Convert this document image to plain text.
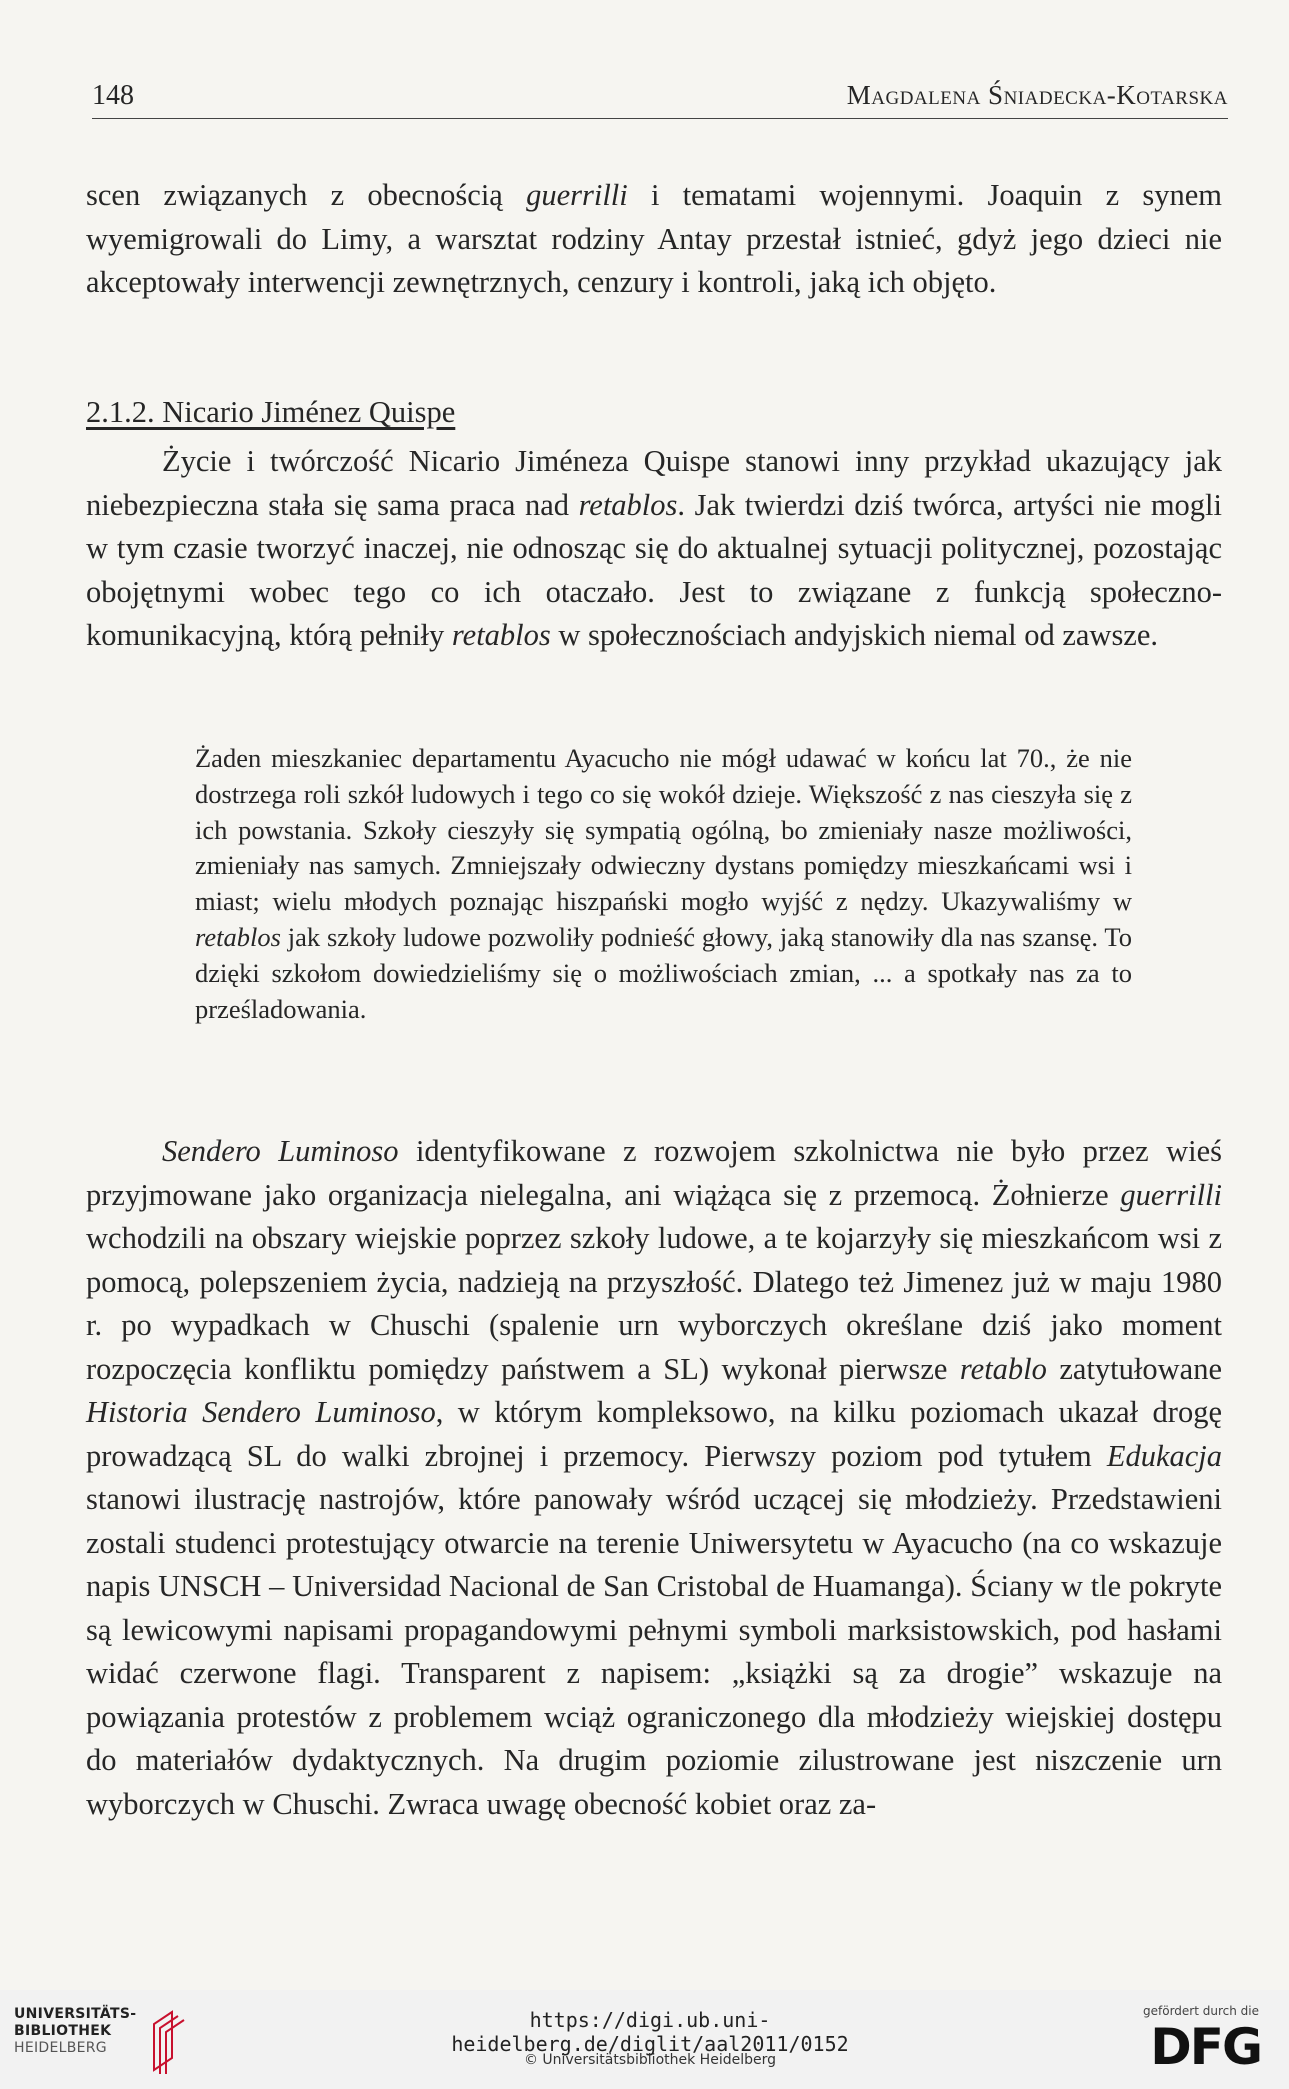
148	Magdalena Śniadecka-Kotarska

scen związanych z obecnością guerrilli i tematami wojennymi. Joaquin z synem wyemigrowali do Limy, a warsztat rodziny Antay przestał istnieć, gdyż jego dzieci nie akceptowały interwencji zewnętrznych, cenzury i kontroli, jaką ich objęto.

2.1.2. Nicario Jiménez Quispe

Życie i twórczość Nicario Jiméneza Quispe stanowi inny przykład ukazujący jak niebezpieczna stała się sama praca nad retablos. Jak twierdzi dziś twórca, artyści nie mogli w tym czasie tworzyć inaczej, nie odnosząc się do aktualnej sytuacji politycznej, pozostając obojętnymi wobec tego co ich otaczało. Jest to związane z funkcją społeczno-komunikacyjną, którą pełniły retablos w społecznościach andyjskich niemal od zawsze.

Żaden mieszkaniec departamentu Ayacucho nie mógł udawać w końcu lat 70., że nie dostrzega roli szkół ludowych i tego co się wokół dzieje. Większość z nas cieszyła się z ich powstania. Szkoły cieszyły się sympatią ogólną, bo zmieniały nasze możliwości, zmieniały nas samych. Zmniejszały odwieczny dystans pomiędzy mieszkańcami wsi i miast; wielu młodych poznając hiszpański mogło wyjść z nędzy. Ukazywaliśmy w retablos jak szkoły ludowe pozwoliły podnieść głowy, jaką stanowiły dla nas szansę. To dzięki szkołom dowiedzieliśmy się o możliwościach zmian, ... a spotkały nas za to prześladowania.

Sendero Luminoso identyfikowane z rozwojem szkolnictwa nie było przez wieś przyjmowane jako organizacja nielegalna, ani wiążąca się z przemocą. Żołnierze guerrilli wchodzili na obszary wiejskie poprzez szkoły ludowe, a te kojarzyły się mieszkańcom wsi z pomocą, polepszeniem życia, nadzieją na przyszłość. Dlatego też Jimenez już w maju 1980 r. po wypadkach w Chuschi (spalenie urn wyborczych określane dziś jako moment rozpoczęcia konfliktu pomiędzy państwem a SL) wykonał pierwsze retablo zatytułowane Historia Sendero Luminoso, w którym kompleksowo, na kilku poziomach ukazał drogę prowadzącą SL do walki zbrojnej i przemocy. Pierwszy poziom pod tytułem Edukacja stanowi ilustrację nastrojów, które panowały wśród uczącej się młodzieży. Przedstawieni zostali studenci protestujący otwarcie na terenie Uniwersytetu w Ayacucho (na co wskazuje napis UNSCH – Universidad Nacional de San Cristobal de Huamanga). Ściany w tle pokryte są lewicowymi napisami propagandowymi pełnymi symboli marksistowskich, pod hasłami widać czerwone flagi. Transparent z napisem: „książki są za drogie” wskazuje na powiązania protestów z problemem wciąż ograniczonego dla młodzieży wiejskiej dostępu do materiałów dydaktycznych. Na drugim poziomie zilustrowane jest niszczenie urn wyborczych w Chuschi. Zwraca uwagę obecność kobiet oraz za-

UNIVERSITÄTS-
BIBLIOTHEK
HEIDELBERG
https://digi.ub.uni-heidelberg.de/diglit/aal2011/0152
© Universitätsbibliothek Heidelberg
gefördert durch die
DFG
